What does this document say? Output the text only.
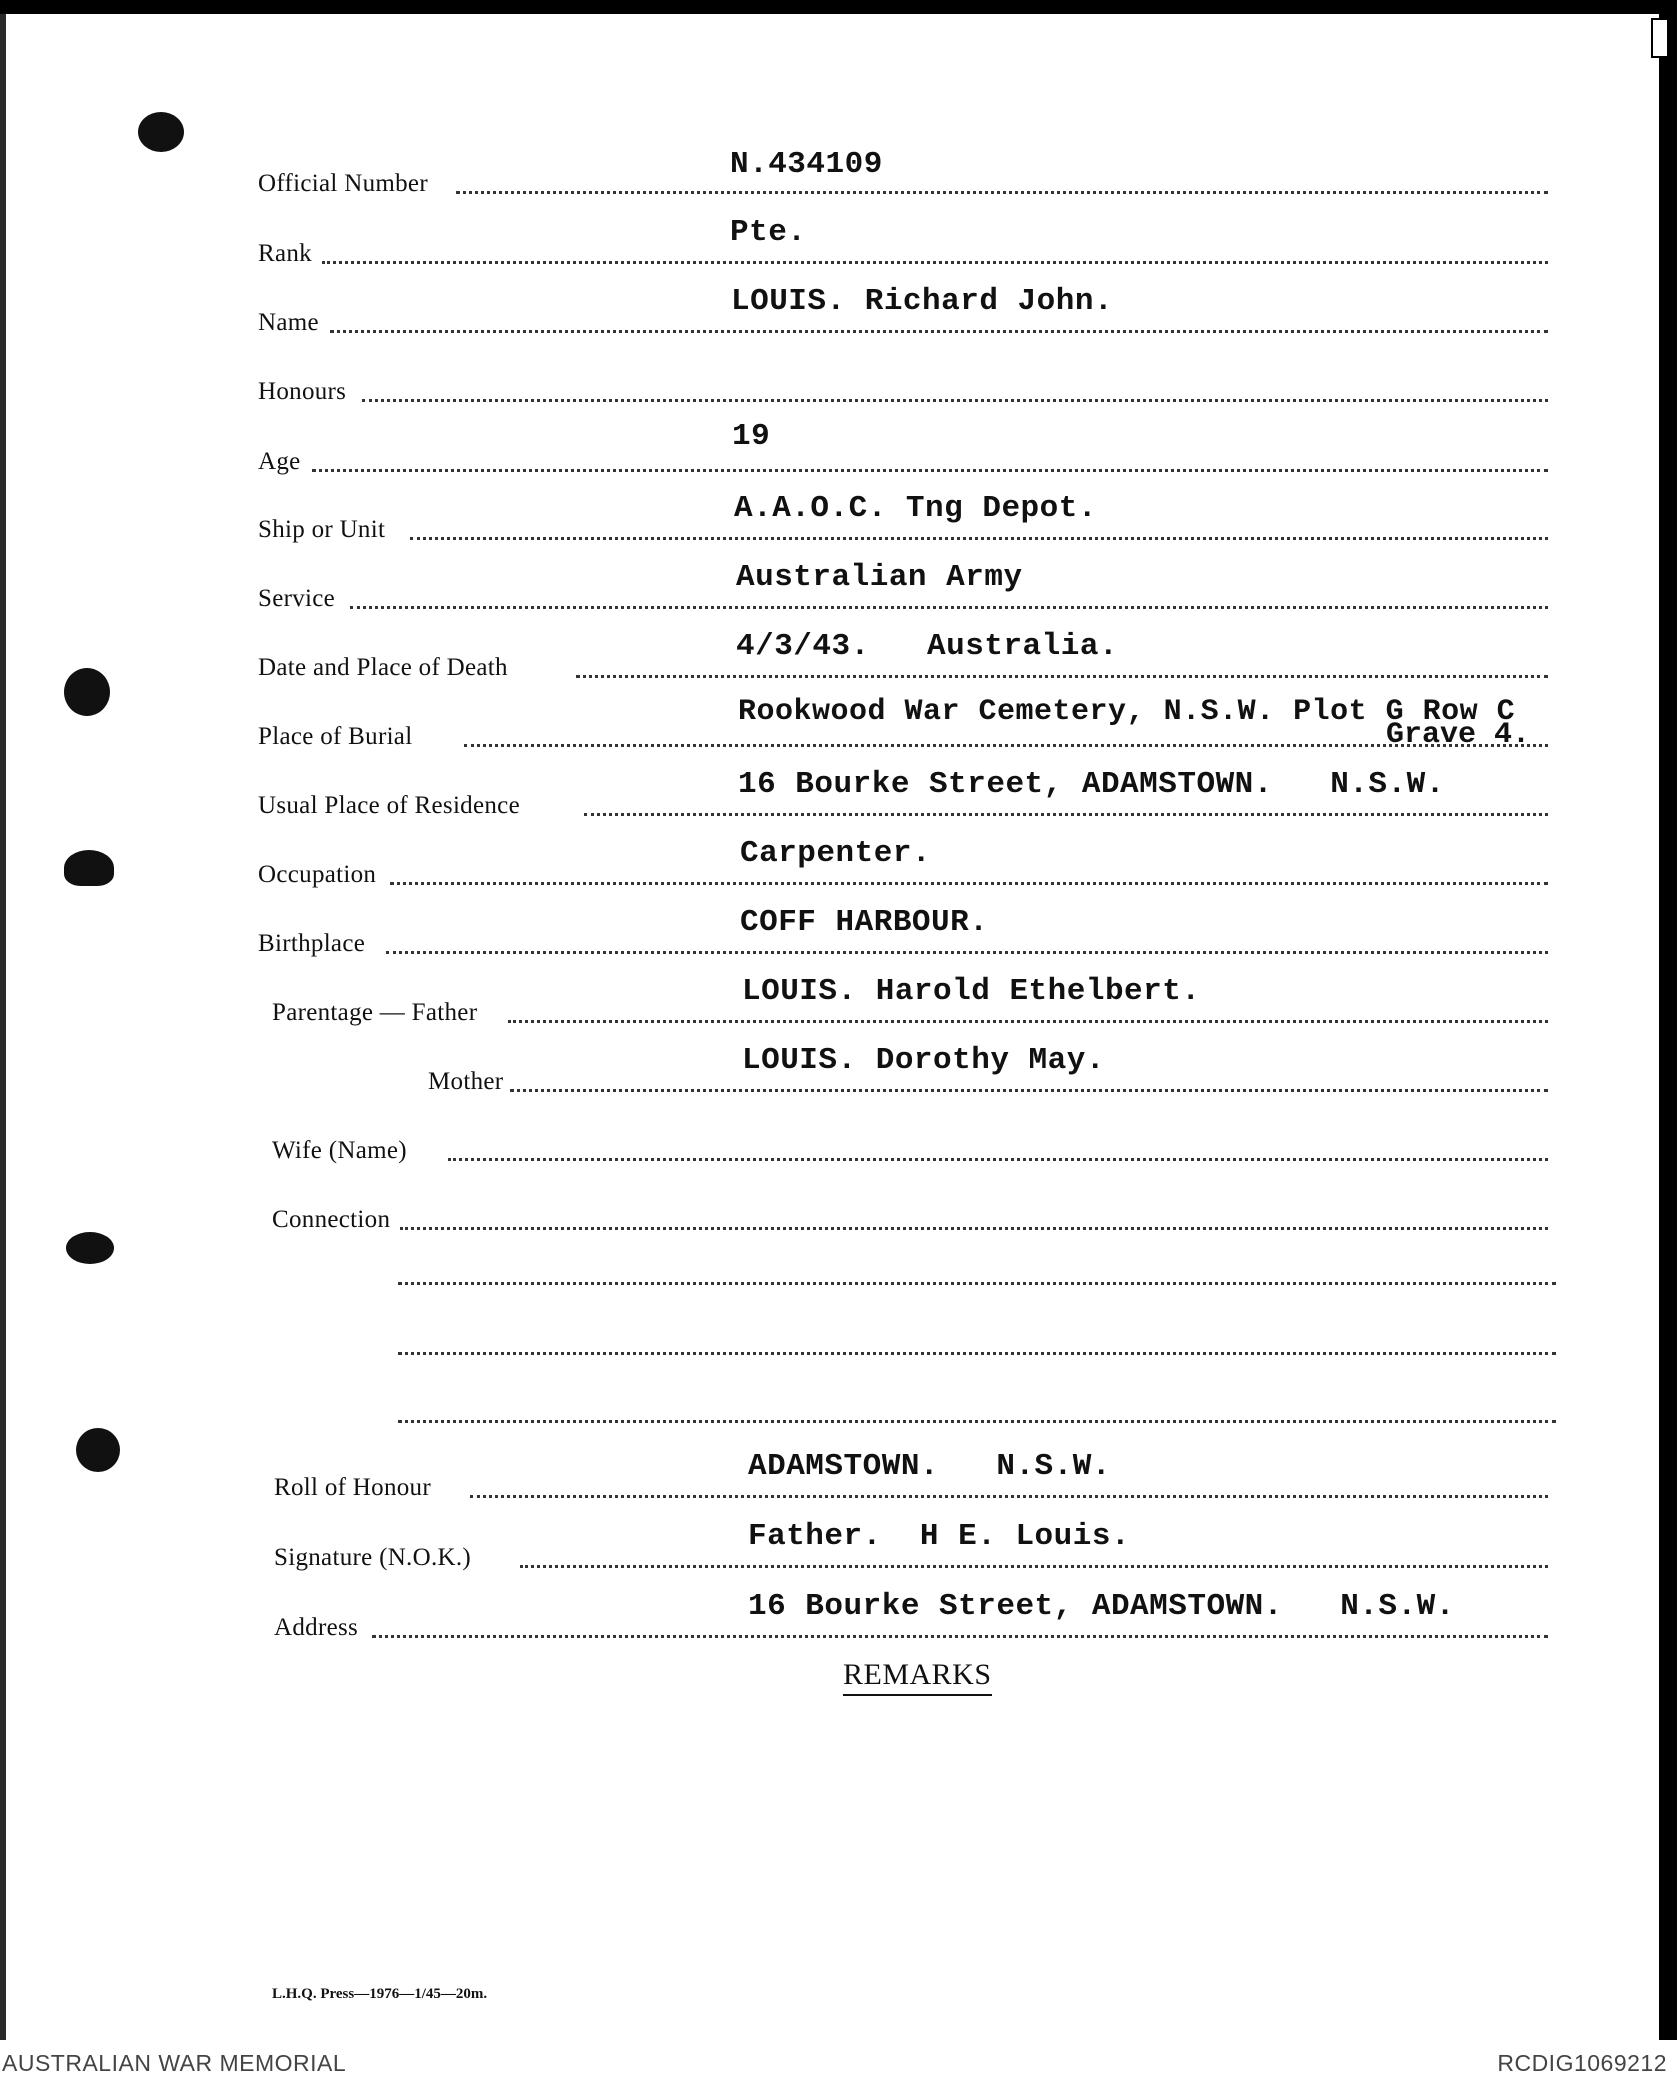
Official Number
N.434109
Rank
Pte.
Name
LOUIS. Richard John.
Honours
Age
19
Ship or Unit
A.A.O.C. Tng Depot.
Service
Australian Army
Date and Place of Death
4/3/43.   Australia.
Place of Burial
Rookwood War Cemetery, N.S.W. Plot G Row C
Grave 4.
Usual Place of Residence
16 Bourke Street, ADAMSTOWN.   N.S.W.
Occupation
Carpenter.
Birthplace
COFF HARBOUR.
Parentage — Father
LOUIS. Harold Ethelbert.
Mother
LOUIS. Dorothy May.
Wife (Name)
Connection
Roll of Honour
ADAMSTOWN.   N.S.W.
Signature (N.O.K.)
Father.  H E. Louis.
Address
16 Bourke Street, ADAMSTOWN.   N.S.W.
REMARKS
L.H.Q. Press—1976—1/45—20m.
AUSTRALIAN WAR MEMORIAL	RCDIG1069212
